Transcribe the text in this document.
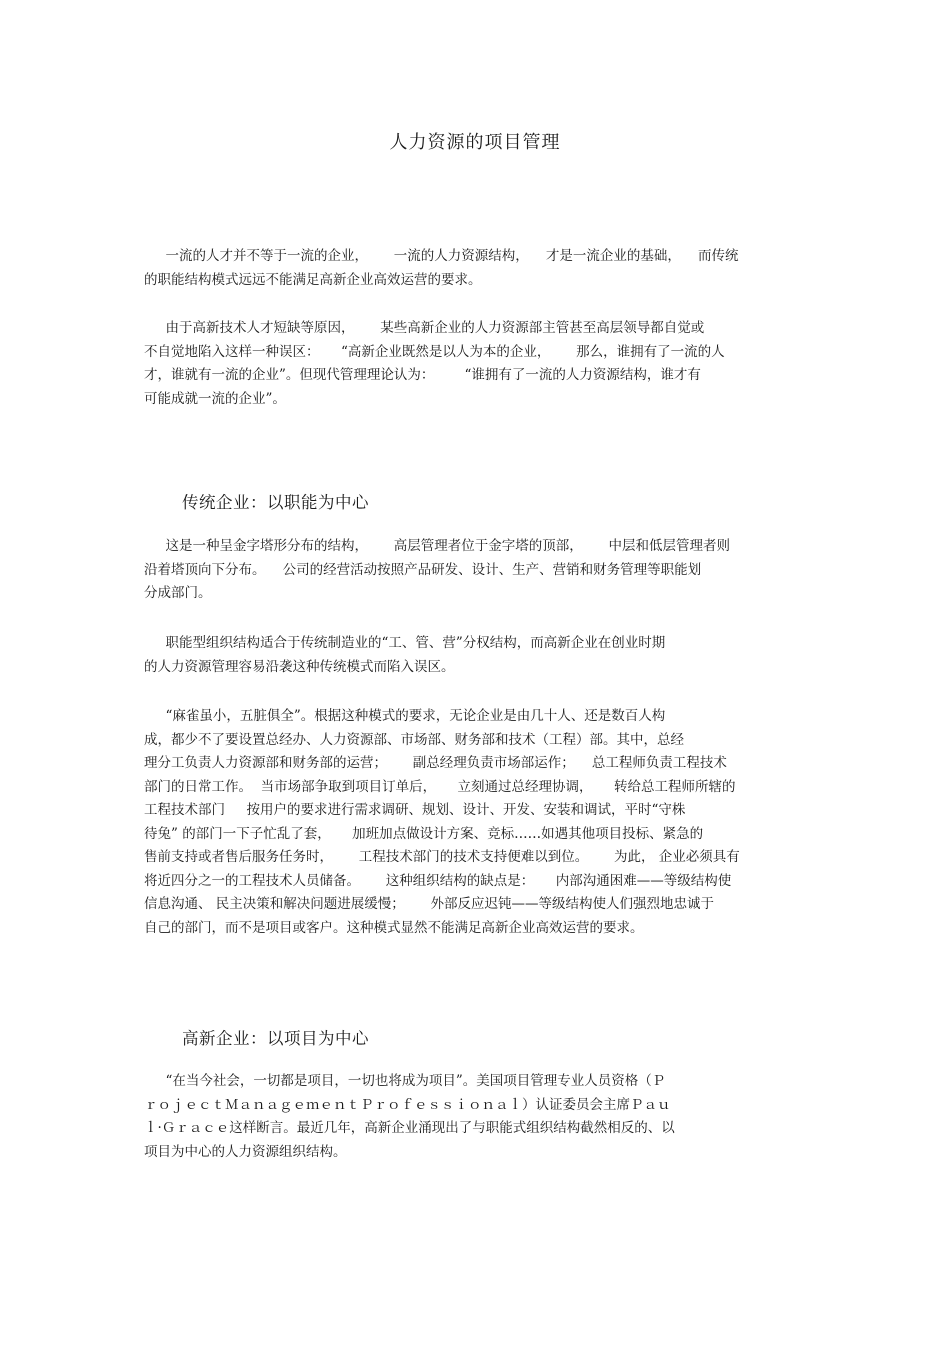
人力资源的项目管理
一流的人才并不等于一流的企业，      一流的人力资源结构，    才是一流企业的基础，    而传统
的职能结构模式远远不能满足高新企业高效运营的要求。
由于高新技术人才短缺等原因，      某些高新企业的人力资源部主管甚至高层领导都自觉或
不自觉地陷入这样一种误区：     “高新企业既然是以人为本的企业，      那么，谁拥有了一流的人
才，谁就有一流的企业”。但现代管理理论认为：       “谁拥有了一流的人力资源结构，谁才有
可能成就一流的企业”。
传统企业：以职能为中心
这是一种呈金字塔形分布的结构，      高层管理者位于金字塔的顶部，      中层和低层管理者则
沿着塔顶向下分布。    公司的经营活动按照产品研发、设计、生产、营销和财务管理等职能划
分成部门。
职能型组织结构适合于传统制造业的“工、管、营”分权结构，而高新企业在创业时期
的人力资源管理容易沿袭这种传统模式而陷入误区。
“麻雀虽小，五脏俱全”。根据这种模式的要求，无论企业是由几十人、还是数百人构
成，都少不了要设置总经办、人力资源部、市场部、财务部和技术（工程）部。其中，总经
理分工负责人力资源部和财务部的运营；      副总经理负责市场部运作；    总工程师负责工程技术
部门的日常工作。  当市场部争取到项目订单后，     立刻通过总经理协调，     转给总工程师所辖的
工程技术部门     按用户的要求进行需求调研、规划、设计、开发、安装和调试，平时“守株
待兔” 的部门一下子忙乱了套，     加班加点做设计方案、竞标……如遇其他项目投标、紧急的
售前支持或者售后服务任务时，      工程技术部门的技术支持便难以到位。      为此， 企业必须具有
将近四分之一的工程技术人员储备。      这种组织结构的缺点是：     内部沟通困难——等级结构使
信息沟通、 民主决策和解决问题进展缓慢；      外部反应迟钝——等级结构使人们强烈地忠诚于
自己的部门，而不是项目或客户。这种模式显然不能满足高新企业高效运营的要求。
高新企业：以项目为中心
“在当今社会，一切都是项目，一切也将成为项目”。美国项目管理专业人员资格（Ｐ
ｒｏｊｅｃｔＭａｎａｇｅｍｅｎｔＰｒｏｆｅｓｓｉｏｎａｌ）认证委员会主席Ｐａｕ
ｌ·Ｇｒａｃｅ这样断言。最近几年，高新企业涌现出了与职能式组织结构截然相反的、以
项目为中心的人力资源组织结构。
